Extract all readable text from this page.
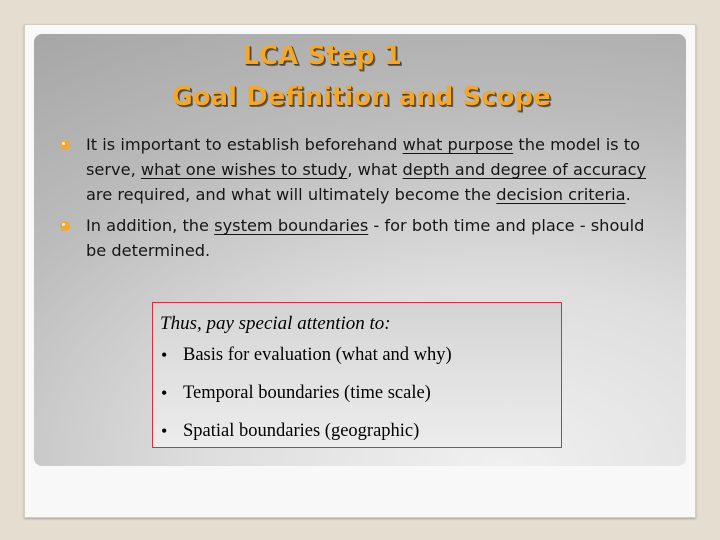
LCA Step 1
Goal Definition and Scope
It is important to establish beforehand what purpose the model is to serve, what one wishes to study, what depth and degree of accuracy are required, and what will ultimately become the decision criteria.
In addition, the system boundaries - for both time and place - should be determined.

Thus, pay special attention to:

• Basis for evaluation (what and why)
• Temporal boundaries (time scale)
• Spatial boundaries (geographic)
